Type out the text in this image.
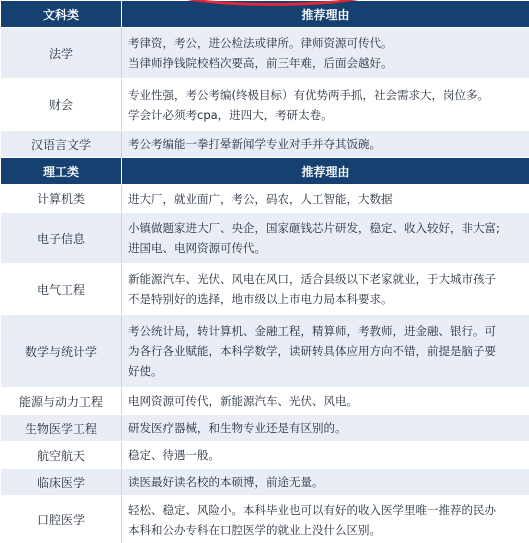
文科类	推荐理由
法学	考律资，考公，进公检法或律所。律师资源可传代。
当律师挣钱院校档次要高，前三年难，后面会越好。

财会	专业性强，考公考编(终极目标）有优势两手抓，社会需求大，岗位多。
学会计必须考cpa，进四大，考研太卷。

汉语言文学	考公考编能一拳打晕新闻学专业对手并夺其饭碗。

理工类	推荐理由
计算机类	进大厂，就业面广，考公，码农，人工智能，大数据

电子信息	小镇做题家进大厂、央企，国家砸钱芯片研发，稳定、收入较好，非大富;
进国电、电网资源可传代。

电气工程	新能源汽车、光伏、风电在风口，适合县级以下老家就业，于大城市孩子
不是特别好的选择，地市级以上市电力局本科要求。

数学与统计学	考公统计局，转计算机、金融工程，精算师，考教师，进金融、银行。可
为各行各业赋能，本科学数学，读研转具体应用方向不错，前提是脑子要
好使。

能源与动力工程	电网资源可传代，新能源汽车、光伏、风电。

生物医学工程	研发医疗器械，和生物专业还是有区别的。

航空航天	稳定、待遇一般。

临床医学	读医最好读名校的本硕博，前途无量。

口腔医学	轻松、稳定、风险小。本科毕业也可以有好的收入医学里唯一推荐的民办
本科和公办专科在口腔医学的就业上没什么区别。
